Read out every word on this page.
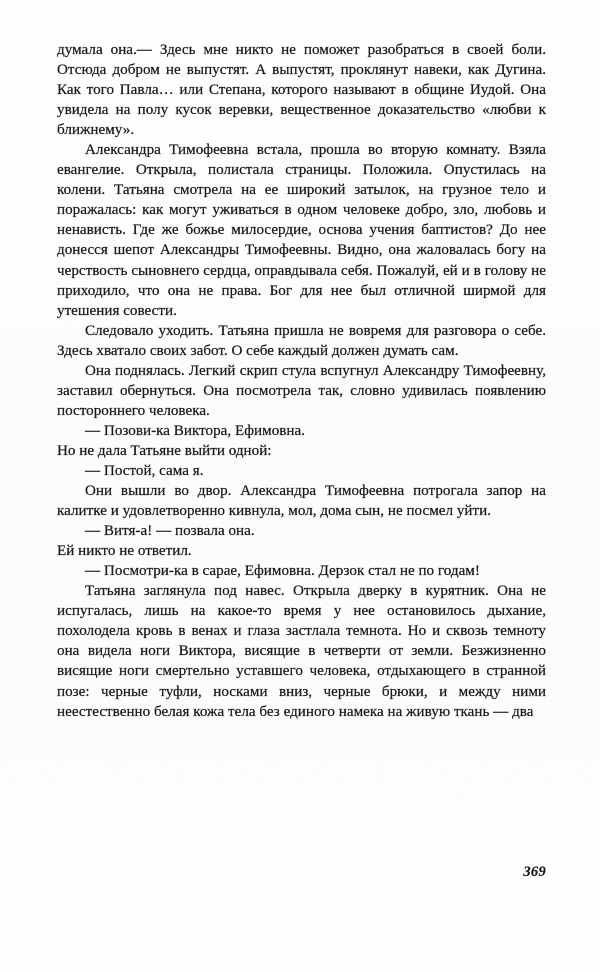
думала она.— Здесь мне никто не поможет разобраться в своей боли. Отсюда добром не выпустят. А выпустят, проклянут навеки, как Дугина. Как того Павла… или Степана, которого называют в общине Иудой. Она увидела на полу кусок веревки, вещественное доказательство «любви к ближнему».

Александра Тимофеевна встала, прошла во вторую комнату. Взяла евангелие. Открыла, полистала страницы. Положила. Опустилась на колени. Татьяна смотрела на ее широкий затылок, на грузное тело и поражалась: как могут уживаться в одном человеке добро, зло, любовь и ненависть. Где же божье милосердие, основа учения баптистов? До нее донесся шепот Александры Тимофеевны. Видно, она жаловалась богу на черствость сыновнего сердца, оправдывала себя. Пожалуй, ей и в голову не приходило, что она не права. Бог для нее был отличной ширмой для утешения совести.

Следовало уходить. Татьяна пришла не вовремя для разговора о себе. Здесь хватало своих забот. О себе каждый должен думать сам.

Она поднялась. Легкий скрип стула вспугнул Александру Тимофеевну, заставил обернуться. Она посмотрела так, словно удивилась появлению постороннего человека.

— Позови-ка Виктора, Ефимовна.

Но не дала Татьяне выйти одной:

— Постой, сама я.

Они вышли во двор. Александра Тимофеевна потрогала запор на калитке и удовлетворенно кивнула, мол, дома сын, не посмел уйти.

— Витя-а! — позвала она.

Ей никто не ответил.

— Посмотри-ка в сарае, Ефимовна. Дерзок стал не по годам!

Татьяна заглянула под навес. Открыла дверку в курятник. Она не испугалась, лишь на какое-то время у нее остановилось дыхание, похолодела кровь в венах и глаза застлала темнота. Но и сквозь темноту она видела ноги Виктора, висящие в четверти от земли. Безжизненно висящие ноги смертельно уставшего человека, отдыхающего в странной позе: черные туфли, носками вниз, черные брюки, и между ними неестественно белая кожа тела без единого намека на живую ткань — два

369
